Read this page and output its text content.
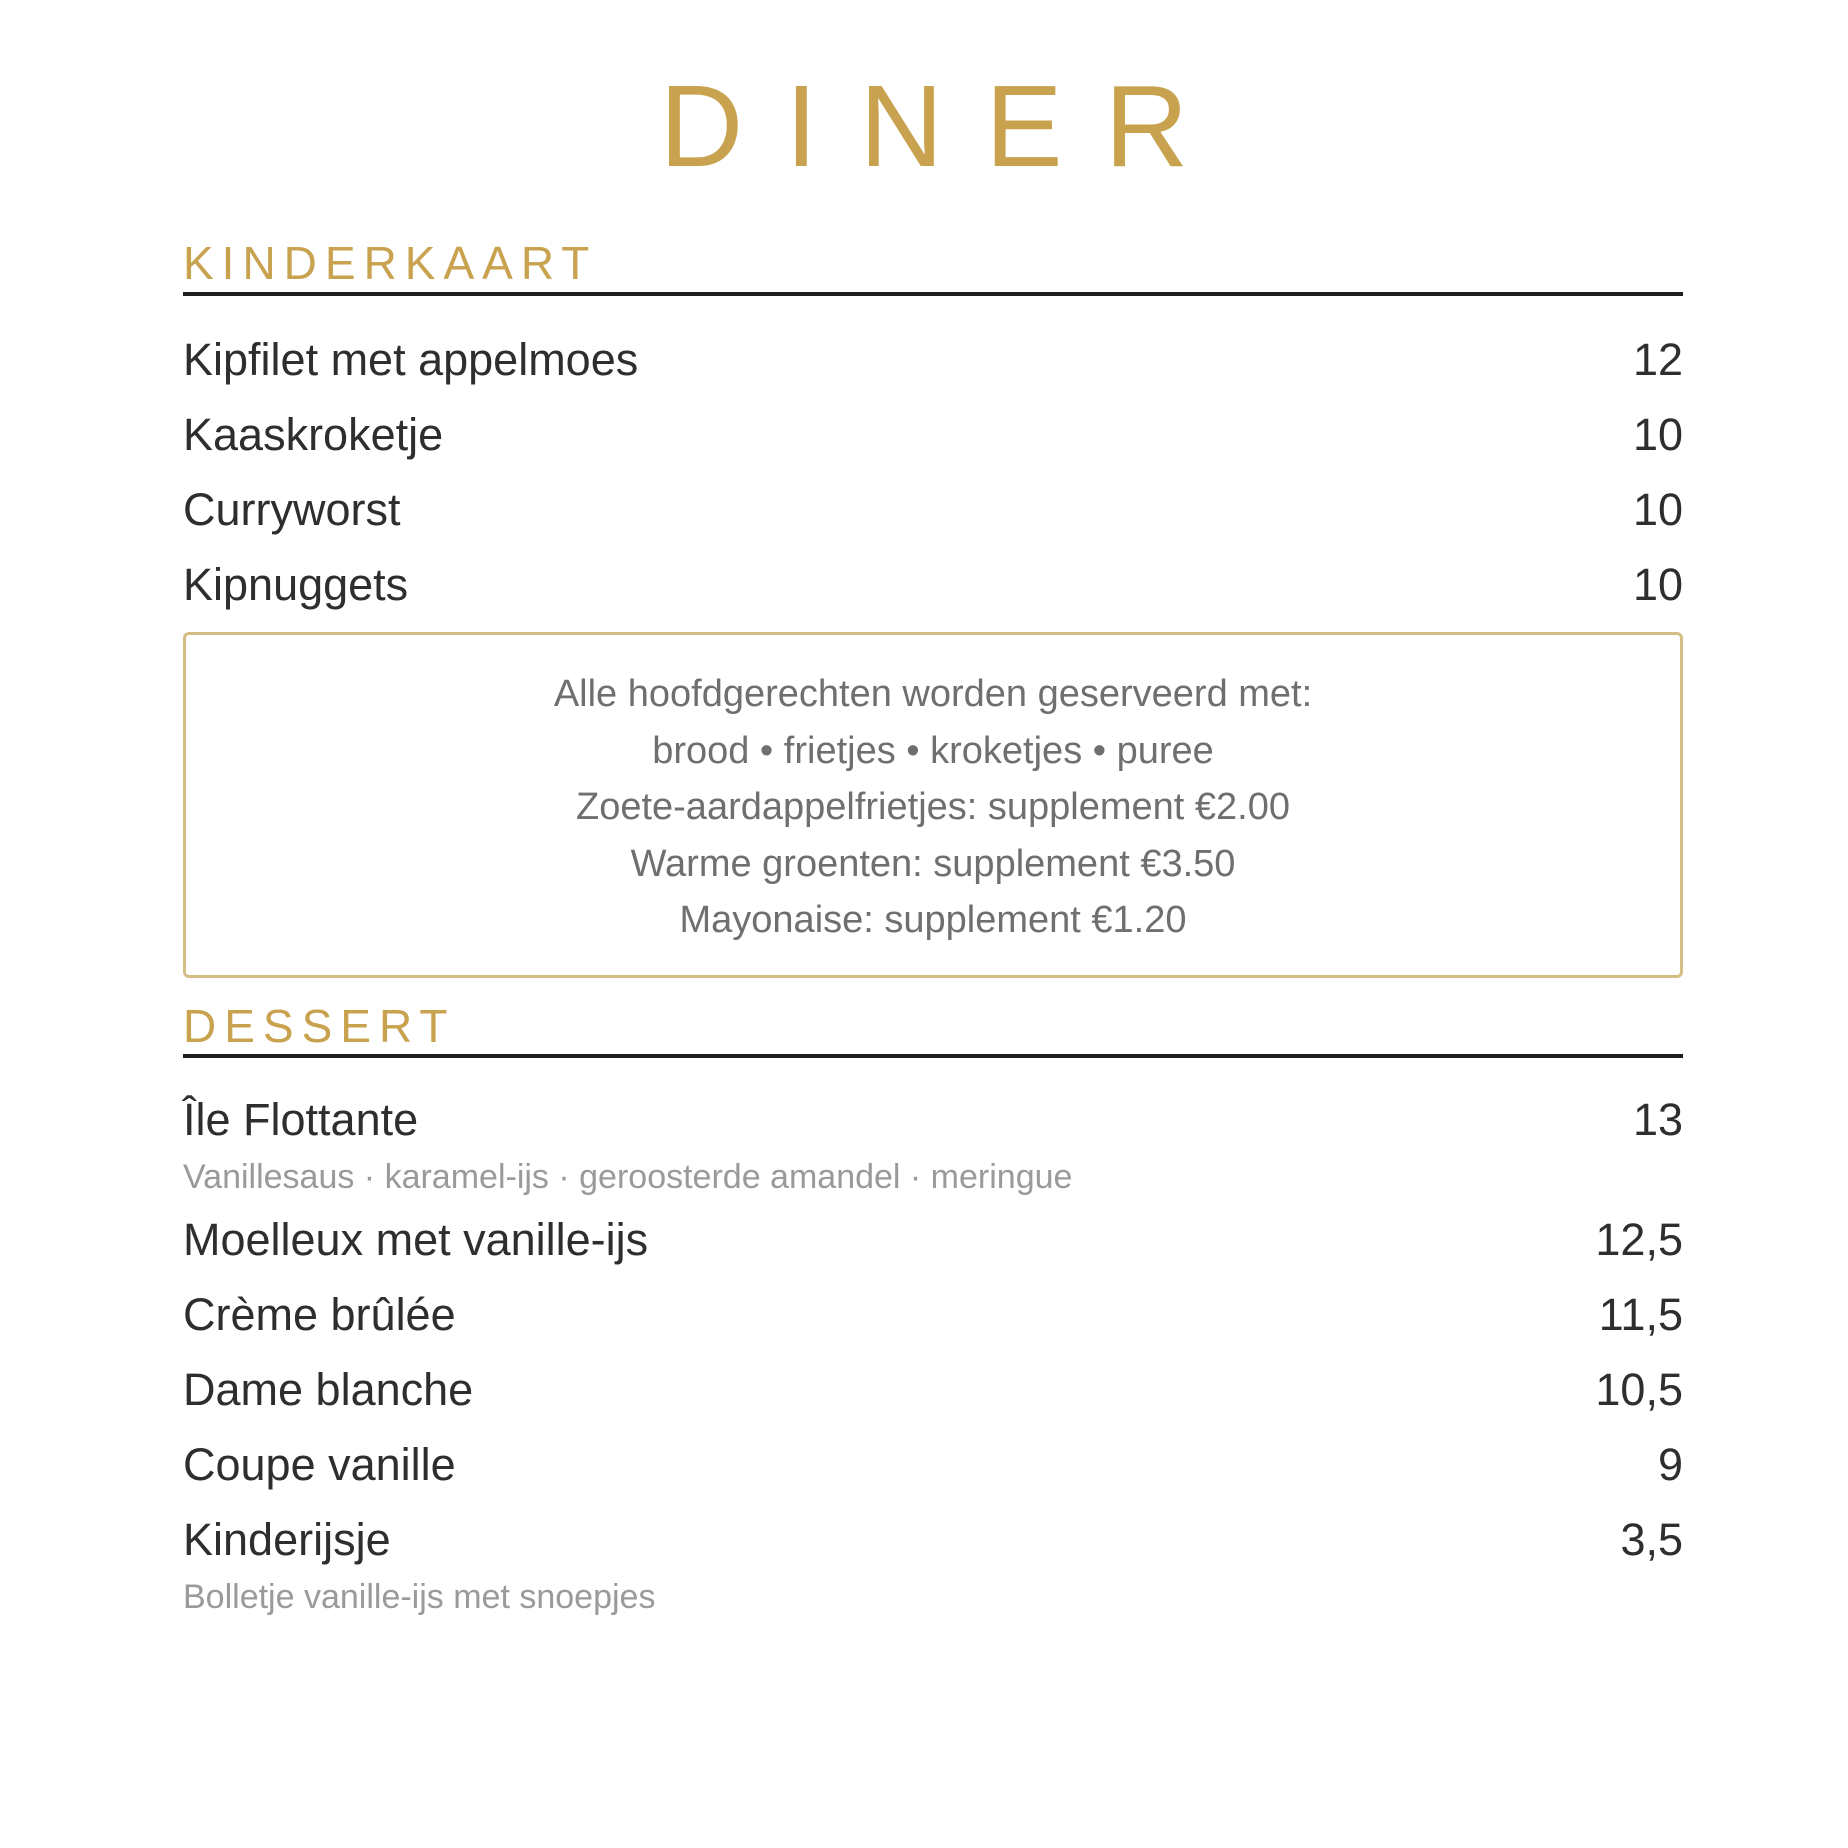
DINER
KINDERKAART
Kipfilet met appelmoes	12
Kaaskroketje	10
Curryworst	10
Kipnuggets	10
Alle hoofdgerechten worden geserveerd met:
brood • frietjes • kroketjes • puree
Zoete-aardappelfrietjes: supplement €2.00
Warme groenten: supplement €3.50
Mayonaise: supplement €1.20
DESSERT
Île Flottante	13
Vanillesaus · karamel-ijs · geroosterde amandel · meringue
Moelleux met vanille-ijs	12,5
Crème brûlée	11,5
Dame blanche	10,5
Coupe vanille	9
Kinderijsje	3,5
Bolletje vanille-ijs met snoepjes
